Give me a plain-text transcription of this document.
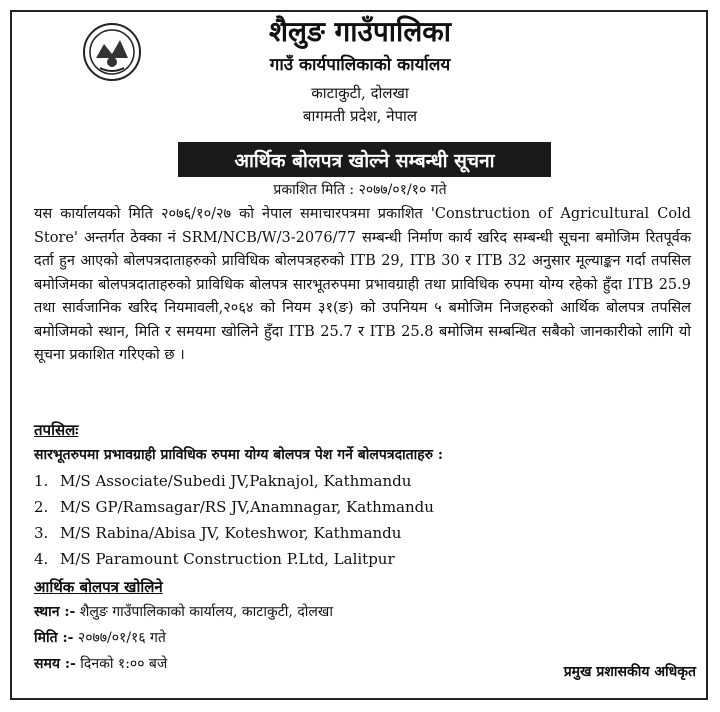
शैलुङ गाउँपालिका
गाउँ कार्यपालिकाको कार्यालय
काटाकुटी, दोलखा
बागमती प्रदेश, नेपाल
आर्थिक बोलपत्र खोल्ने सम्बन्धी सूचना
प्रकाशित मिति : २०७७/०१/१० गते
यस कार्यालयको मिति २०७६/१०/२७ को नेपाल समाचारपत्रमा प्रकाशित 'Construction of Agricultural Cold Store' अन्तर्गत ठेक्का नं SRM/NCB/W/3-2076/77 सम्बन्धी निर्माण कार्य खरिद सम्बन्धी सूचना बमोजिम रितपूर्वक दर्ता हुन आएको बोलपत्रदाताहरुको प्राविधिक बोलपत्रहरुको ITB 29, ITB 30 र ITB 32 अनुसार मूल्याङ्कन गर्दा तपसिल बमोजिमका बोलपत्रदाताहरुको प्राविधिक बोलपत्र सारभूतरुपमा प्रभावग्राही तथा प्राविधिक रुपमा योग्य रहेको हुँदा ITB 25.9 तथा सार्वजानिक खरिद नियमावली,२०६४ को नियम ३१(ङ) को उपनियम ५ बमोजिम निजहरुको आर्थिक बोलपत्र तपसिल बमोजिमको स्थान, मिति र समयमा खोलिने हुँदा ITB 25.7 र ITB 25.8 बमोजिम सम्बन्धित सबैको जानकारीको लागि यो सूचना प्रकाशित गरिएको छ ।
तपसिलः
सारभूतरुपमा प्रभावग्राही प्राविधिक रुपमा योग्य बोलपत्र पेश गर्ने बोलपत्रदाताहरु :
1. M/S Associate/Subedi JV,Paknajol, Kathmandu
2. M/S GP/Ramsagar/RS JV,Anamnagar, Kathmandu
3. M/S Rabina/Abisa JV, Koteshwor, Kathmandu
4. M/S Paramount Construction P.Ltd, Lalitpur
आर्थिक बोलपत्र खोलिने
स्थान :- शैलुङ गाउँपालिकाको कार्यालय, काटाकुटी, दोलखा
मिति :- २०७७/०१/१६ गते
समय :- दिनको १:०० बजे	प्रमुख प्रशासकीय अधिकृत
